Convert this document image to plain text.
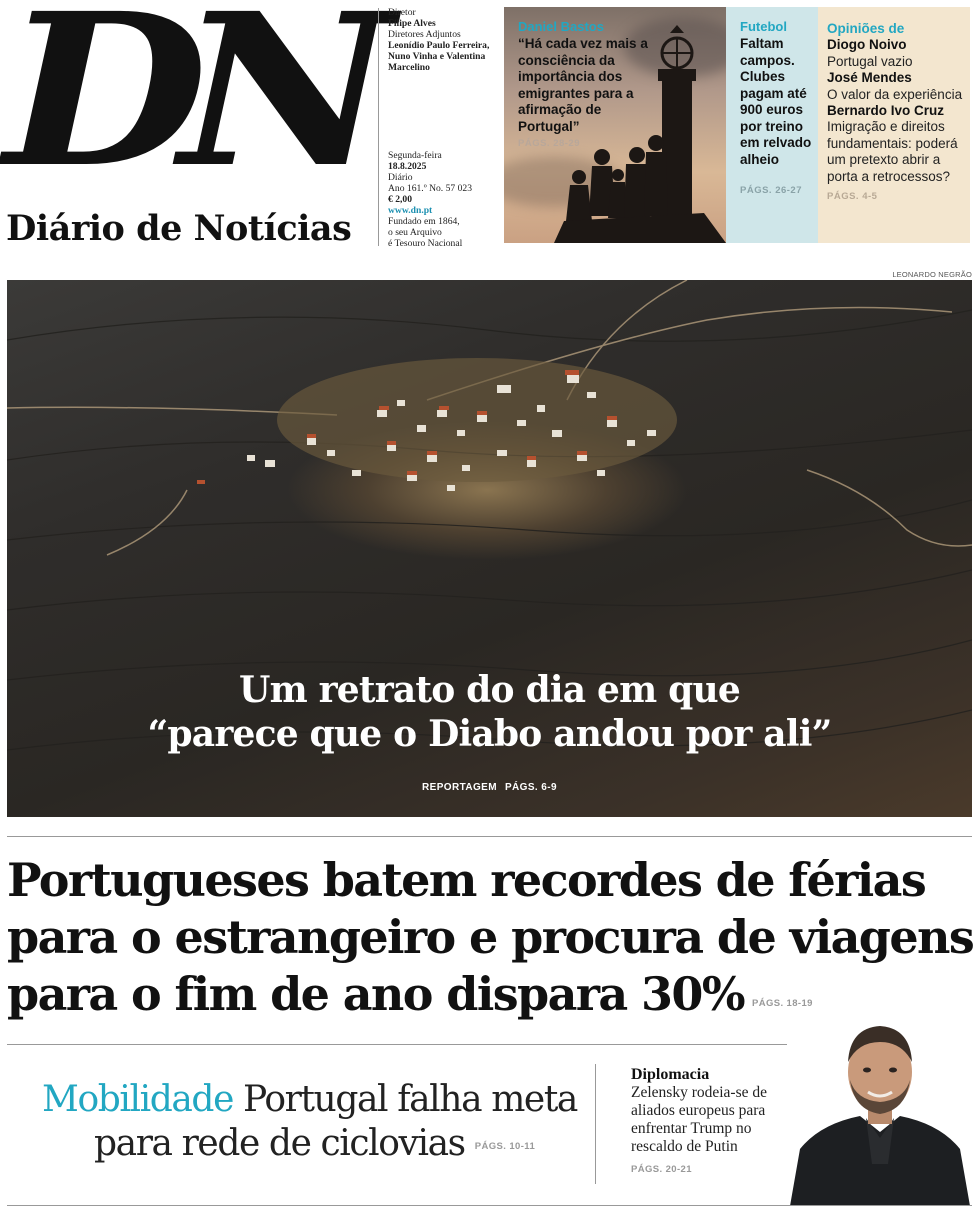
DN
Diário de Notícias
Diretor
Filipe Alves
Diretores Adjuntos
Leonídio Paulo Ferreira, Nuno Vinha e Valentina Marcelino
Segunda-feira
18.8.2025
Diário
Ano 161.º No. 57 023
€ 2,00
www.dn.pt
Fundado em 1864,
o seu Arquivo
é Tesouro Nacional
Daniel Bastos
“Há cada vez mais a consciência da importância dos emigrantes para a afirmação de Portugal”
PÁGS. 28-29
Futebol
Faltam campos. Clubes pagam até 900 euros por treino em relvado alheio
PÁGS. 26-27
Opiniões de
Diogo Noivo
Portugal vazio
José Mendes
O valor da experiência
Bernardo Ivo Cruz
Imigração e direitos fundamentais: poderá um pretexto abrir a porta a retrocessos?
PÁGS. 4-5
LEONARDO NEGRÃO
Um retrato do dia em que
“parece que o Diabo andou por ali”
REPORTAGEM PÁGS. 6-9
Portugueses batem recordes de férias para o estrangeiro e procura de viagens para o fim de ano dispara 30% PÁGS. 18-19
Mobilidade Portugal falha meta
para rede de ciclovias PÁGS. 10-11
Diplomacia
Zelensky rodeia-se de aliados europeus para enfrentar Trump no rescaldo de Putin
PÁGS. 20-21
